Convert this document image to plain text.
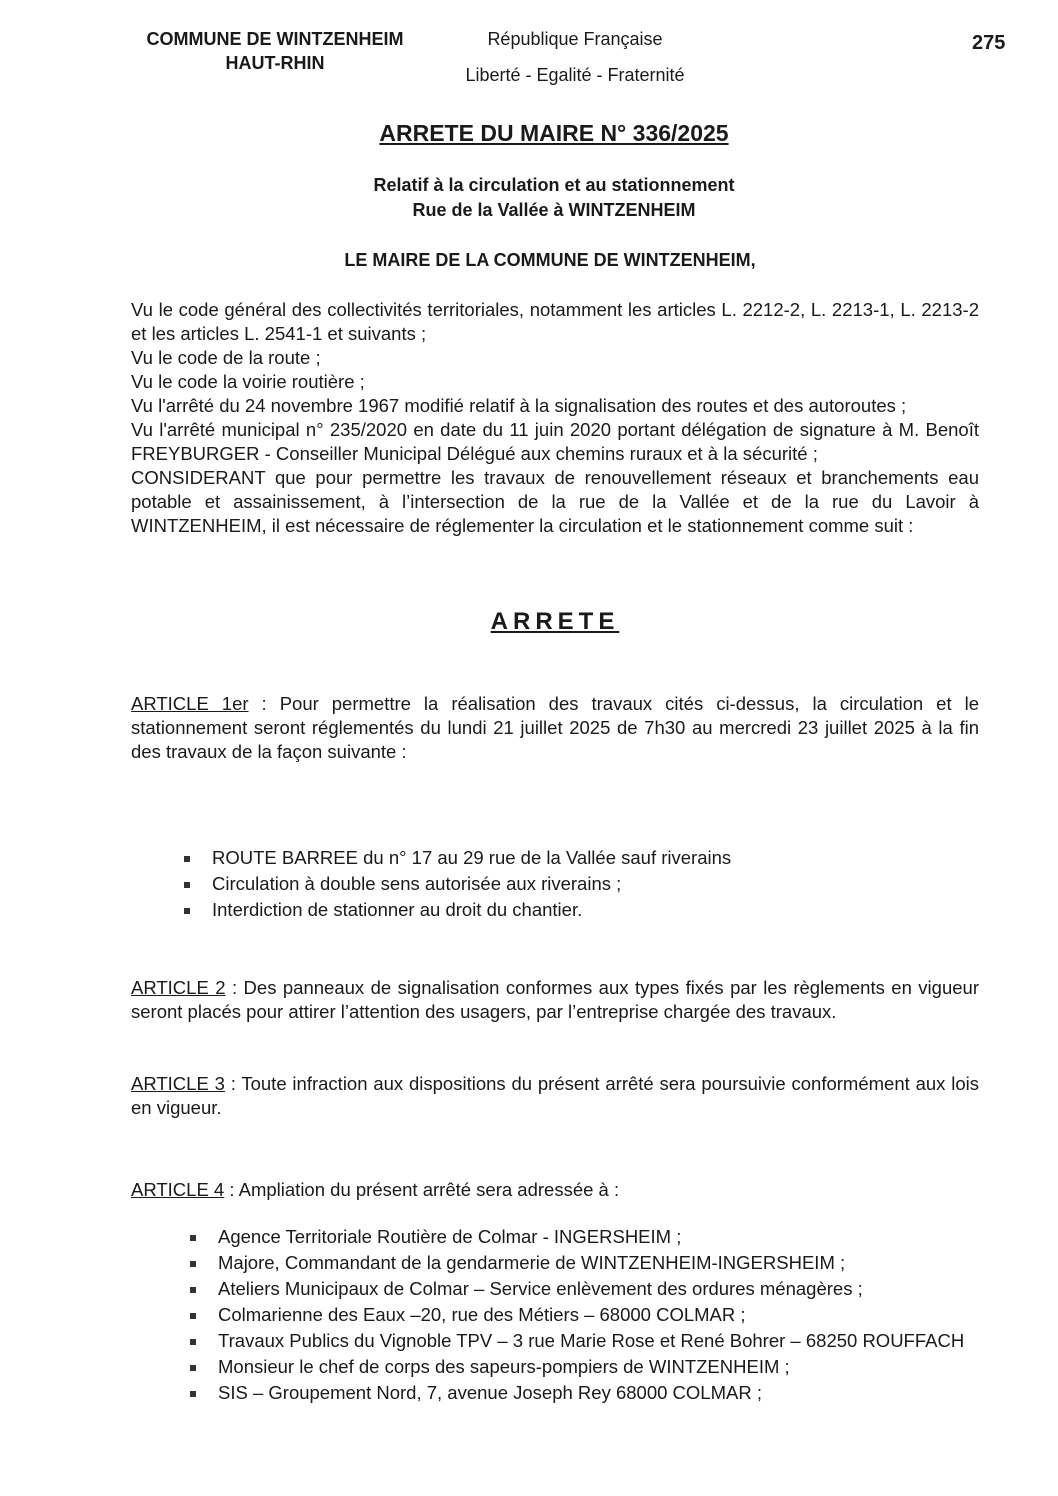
COMMUNE DE WINTZENHEIM
HAUT-RHIN
République Française
Liberté - Egalité - Fraternité
275
ARRETE DU MAIRE N° 336/2025
Relatif à la circulation et au stationnement
Rue de la Vallée à WINTZENHEIM
LE MAIRE DE LA COMMUNE DE WINTZENHEIM,
Vu le code général des collectivités territoriales, notamment les articles L. 2212-2, L. 2213-1, L. 2213-2 et les articles L. 2541-1 et suivants ;
Vu le code de la route ;
Vu le code la voirie routière ;
Vu l'arrêté du 24 novembre 1967 modifié relatif à la signalisation des routes et des autoroutes ;
Vu l'arrêté municipal n° 235/2020 en date du 11 juin 2020 portant délégation de signature à M. Benoît FREYBURGER - Conseiller Municipal Délégué aux chemins ruraux et à la sécurité ;
CONSIDERANT que pour permettre les travaux de renouvellement réseaux et branchements eau potable et assainissement, à l’intersection de la rue de la Vallée et de la rue du Lavoir à WINTZENHEIM, il est nécessaire de réglementer la circulation et le stationnement comme suit :
ARRETE
ARTICLE 1er : Pour permettre la réalisation des travaux cités ci-dessus, la circulation et le stationnement seront réglementés du lundi 21 juillet 2025 de 7h30 au mercredi 23 juillet 2025 à la fin des travaux de la façon suivante :
ROUTE BARREE du n° 17 au 29 rue de la Vallée sauf riverains
Circulation à double sens autorisée aux riverains ;
Interdiction de stationner au droit du chantier.
ARTICLE 2 : Des panneaux de signalisation conformes aux types fixés par les règlements en vigueur seront placés pour attirer l’attention des usagers, par l’entreprise chargée des travaux.
ARTICLE 3 : Toute infraction aux dispositions du présent arrêté sera poursuivie conformément aux lois en vigueur.
ARTICLE 4 : Ampliation du présent arrêté sera adressée à :
Agence Territoriale Routière de Colmar - INGERSHEIM ;
Majore, Commandant de la gendarmerie de WINTZENHEIM-INGERSHEIM ;
Ateliers Municipaux de Colmar – Service enlèvement des ordures ménagères ;
Colmarienne des Eaux –20, rue des Métiers – 68000 COLMAR ;
Travaux Publics du Vignoble TPV – 3 rue Marie Rose et René Bohrer – 68250 ROUFFACH
Monsieur le chef de corps des sapeurs-pompiers de WINTZENHEIM ;
SIS – Groupement Nord, 7, avenue Joseph Rey 68000 COLMAR ;
